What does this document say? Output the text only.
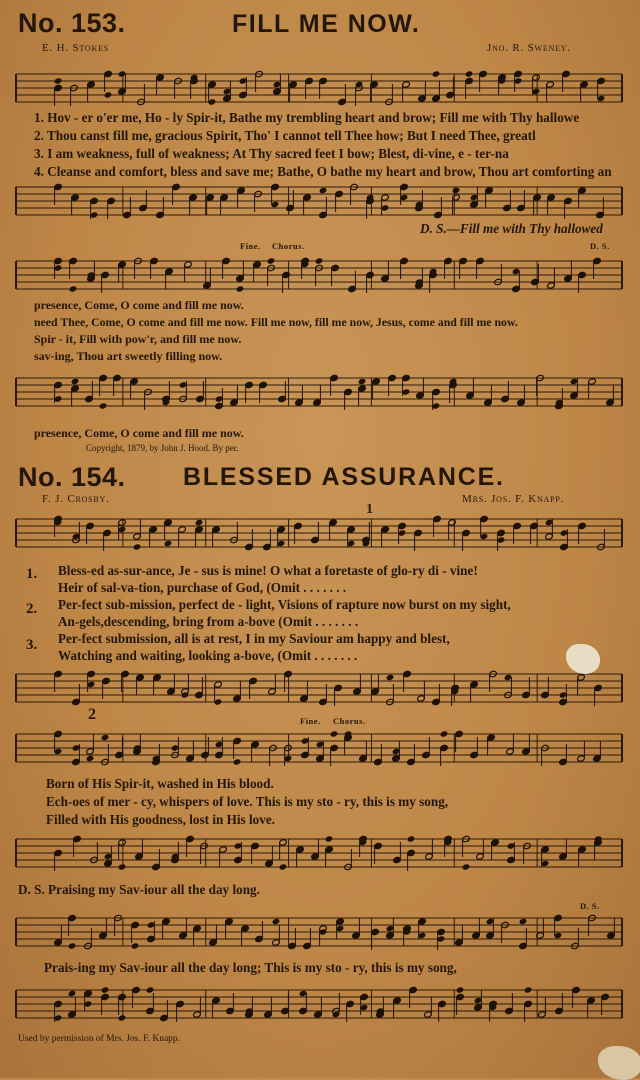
No. 153.	FILL ME NOW.
E. H. Stokes	Jno. R. Sweney.
1. Hov - er o'er me, Ho - ly Spir-it, Bathe my trembling heart and brow; Fill me with Thy hallowe
2. Thou canst fill me, gracious Spirit, Tho' I cannot tell Thee how; But I need Thee, greatl
3. I am weakness, full of weakness; At Thy sacred feet I bow; Blest, di-vine, e - ter-na
4. Cleanse and comfort, bless and save me; Bathe, O bathe my heart and brow, Thou art comforting an
D. S.—Fill me with Thy hallowed
Fine. Chorus.	D. S.
presence, Come, O come and fill me now.
need Thee, Come, O come and fill me now. Fill me now, fill me now, Jesus, come and fill me now.
Spir - it, Fill with pow'r, and fill me now.
sav-ing, Thou art sweetly filling now.
presence, Come, O come and fill me now.
Copyright, 1879, by John J. Hood. By per.
No. 154. BLESSED ASSURANCE.
F. J. Crosby.	Mrs. Jos. F. Knapp.
1
1. Bless-ed as-sur-ance, Je - sus is mine! O what a foretaste of glo-ry di - vine!
Heir of sal-va-tion, purchase of God, (Omit . . . . . . .
2. Per-fect sub-mission, perfect de - light, Visions of rapture now burst on my sight,
An-gels,descending, bring from a-bove (Omit . . . . . . .
3. Per-fect submission, all is at rest, I in my Saviour am happy and blest,
Watching and waiting, looking a-bove, (Omit . . . . . . .
2	Fine. Chorus.
Born of His Spir-it, washed in His blood.
Ech-oes of mer - cy, whispers of love. This is my sto - ry, this is my song,
Filled with His goodness, lost in His love.
D. S. Praising my Sav-iour all the day long.
D. S.
Prais-ing my Sav-iour all the day long; This is my sto - ry, this is my song,
Used by permission of Mrs. Jos. F. Knapp.
